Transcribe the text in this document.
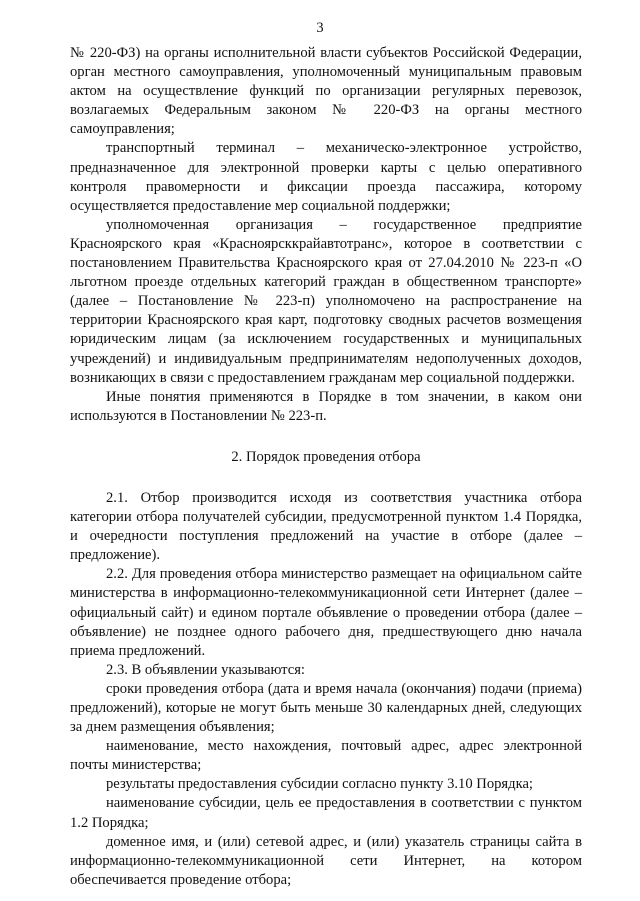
3

№ 220-ФЗ) на органы исполнительной власти субъектов Российской Федерации, орган местного самоуправления, уполномоченный муниципальным правовым актом на осуществление функций по организации регулярных перевозок, возлагаемых Федеральным законом № 220-ФЗ на органы местного самоуправления;

транспортный терминал – механическо-электронное устройство, предназначенное для электронной проверки карты с целью оперативного контроля правомерности и фиксации проезда пассажира, которому осуществляется предоставление мер социальной поддержки;

уполномоченная организация – государственное предприятие Красноярского края «Красноярсккрайавтотранс», которое в соответствии с постановлением Правительства Красноярского края от 27.04.2010 № 223-п «О льготном проезде отдельных категорий граждан в общественном транспорте» (далее – Постановление № 223-п) уполномочено на распространение на территории Красноярского края карт, подготовку сводных расчетов возмещения юридическим лицам (за исключением государственных и муниципальных учреждений) и индивидуальным предпринимателям недополученных доходов, возникающих в связи с предоставлением гражданам мер социальной поддержки.

Иные понятия применяются в Порядке в том значении, в каком они используются в Постановлении № 223-п.

2. Порядок проведения отбора

2.1. Отбор производится исходя из соответствия участника отбора категории отбора получателей субсидии, предусмотренной пунктом 1.4 Порядка, и очередности поступления предложений на участие в отборе (далее – предложение).

2.2. Для проведения отбора министерство размещает на официальном сайте министерства в информационно-телекоммуникационной сети Интернет (далее – официальный сайт) и едином портале объявление о проведении отбора (далее – объявление) не позднее одного рабочего дня, предшествующего дню начала приема предложений.

2.3. В объявлении указываются:

сроки проведения отбора (дата и время начала (окончания) подачи (приема) предложений), которые не могут быть меньше 30 календарных дней, следующих за днем размещения объявления;

наименование, место нахождения, почтовый адрес, адрес электронной почты министерства;

результаты предоставления субсидии согласно пункту 3.10 Порядка;

наименование субсидии, цель ее предоставления в соответствии с пунктом 1.2 Порядка;

доменное имя, и (или) сетевой адрес, и (или) указатель страницы сайта в информационно-телекоммуникационной сети Интернет, на котором обеспечивается проведение отбора;
